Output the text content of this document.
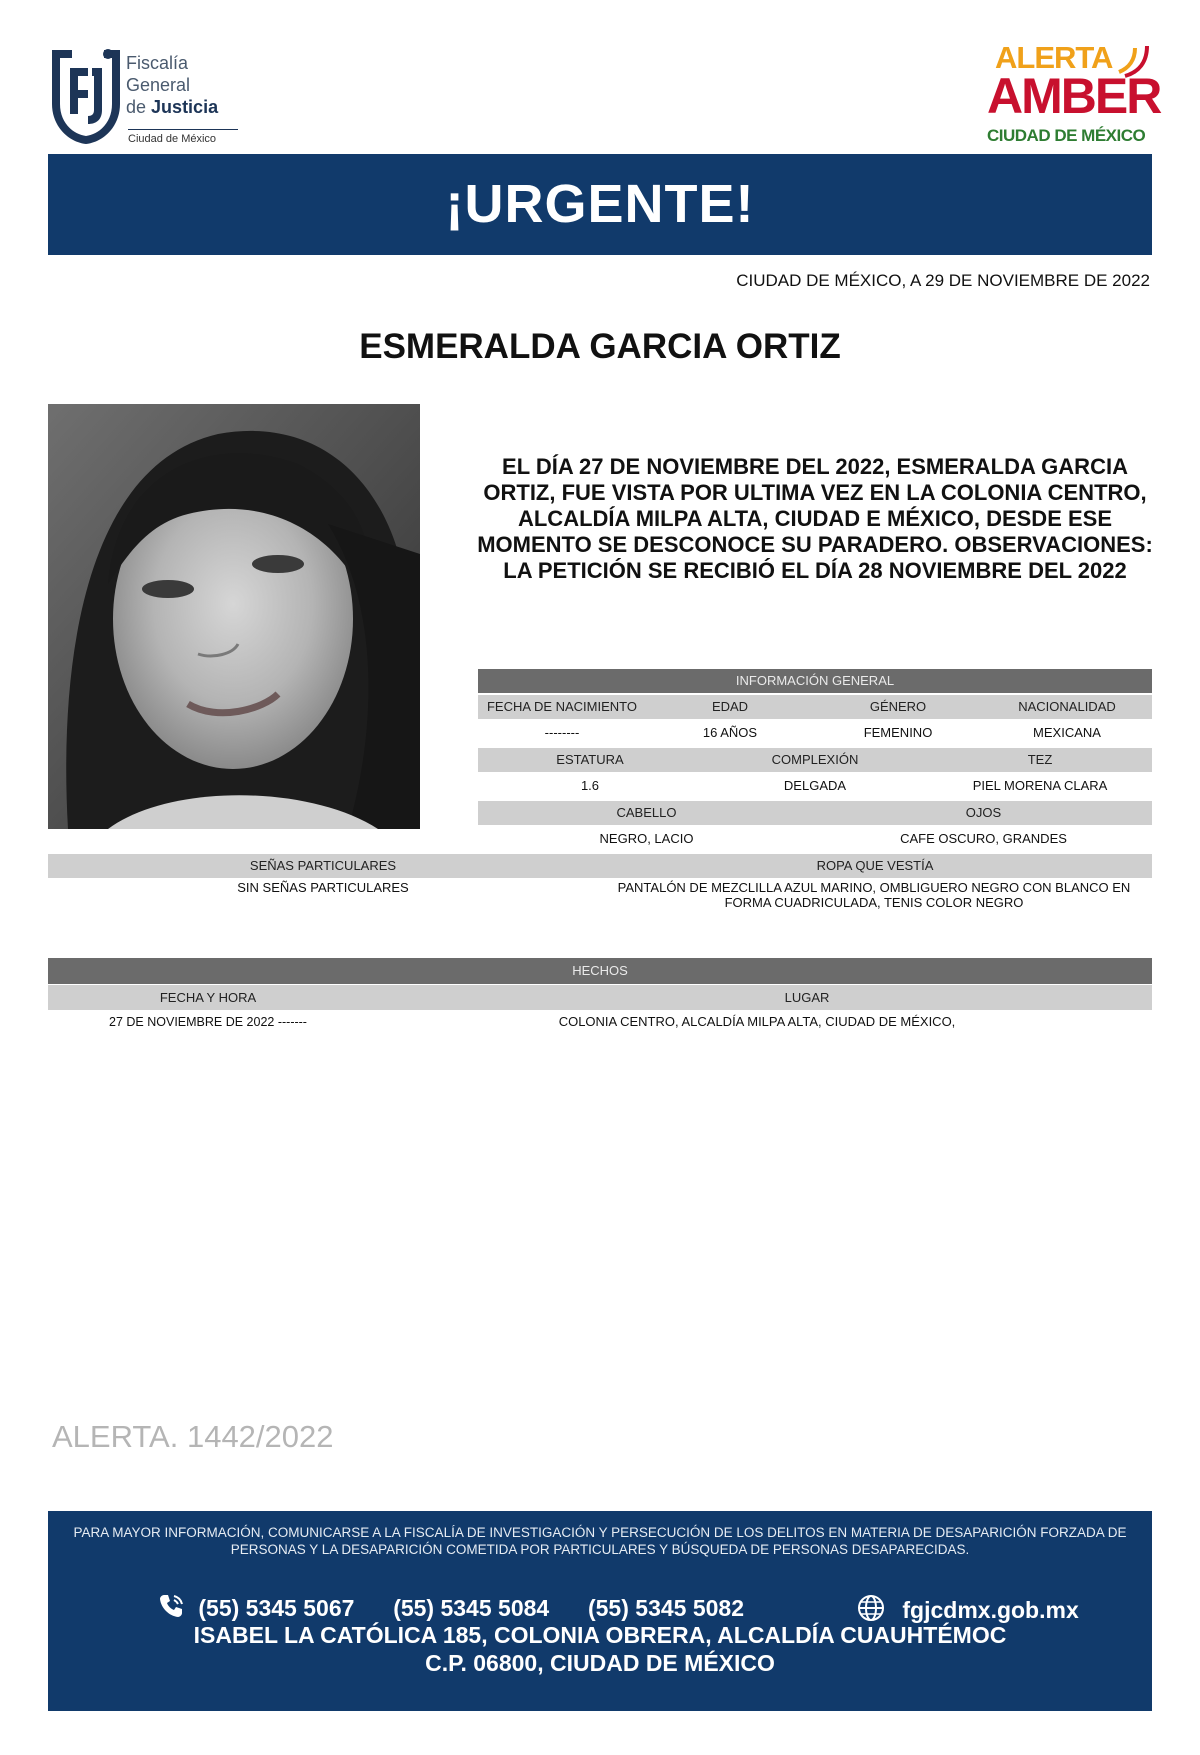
Fiscalía
General
de Justicia
Ciudad de México
ALERTA
AMBER
CIUDAD DE MÉXICO
¡URGENTE!
CIUDAD DE MÉXICO, A 29 DE NOVIEMBRE DE 2022
ESMERALDA GARCIA ORTIZ
EL DÍA 27 DE NOVIEMBRE DEL 2022, ESMERALDA GARCIA ORTIZ, FUE VISTA POR ULTIMA VEZ EN LA COLONIA CENTRO, ALCALDÍA MILPA ALTA, CIUDAD E MÉXICO, DESDE ESE MOMENTO SE DESCONOCE SU PARADERO. OBSERVACIONES: LA PETICIÓN SE RECIBIÓ EL DÍA 28 NOVIEMBRE DEL 2022
INFORMACIÓN GENERAL
FECHA DE NACIMIENTO	EDAD	GÉNERO	NACIONALIDAD
--------	16 AÑOS	FEMENINO	MEXICANA
ESTATURA	COMPLEXIÓN	TEZ
1.6	DELGADA	PIEL MORENA CLARA
CABELLO	OJOS
NEGRO, LACIO	CAFE OSCURO, GRANDES
SEÑAS PARTICULARES	ROPA QUE VESTÍA
SIN SEÑAS PARTICULARES	PANTALÓN DE MEZCLILLA AZUL MARINO, OMBLIGUERO NEGRO CON BLANCO EN FORMA CUADRICULADA, TENIS COLOR NEGRO
HECHOS
FECHA Y HORA	LUGAR
27 DE NOVIEMBRE DE 2022 -------	COLONIA CENTRO, ALCALDÍA MILPA ALTA, CIUDAD DE MÉXICO,
ALERTA. 1442/2022
PARA MAYOR INFORMACIÓN, COMUNICARSE A LA FISCALÍA DE INVESTIGACIÓN Y PERSECUCIÓN DE LOS DELITOS EN MATERIA DE DESAPARICIÓN FORZADA DE PERSONAS Y LA DESAPARICIÓN COMETIDA POR PARTICULARES Y BÚSQUEDA DE PERSONAS DESAPARECIDAS.
(55) 5345 5067 (55) 5345 5084 (55) 5345 5082	fgjcdmx.gob.mx
ISABEL LA CATÓLICA 185, COLONIA OBRERA, ALCALDÍA CUAUHTÉMOC
C.P. 06800, CIUDAD DE MÉXICO
